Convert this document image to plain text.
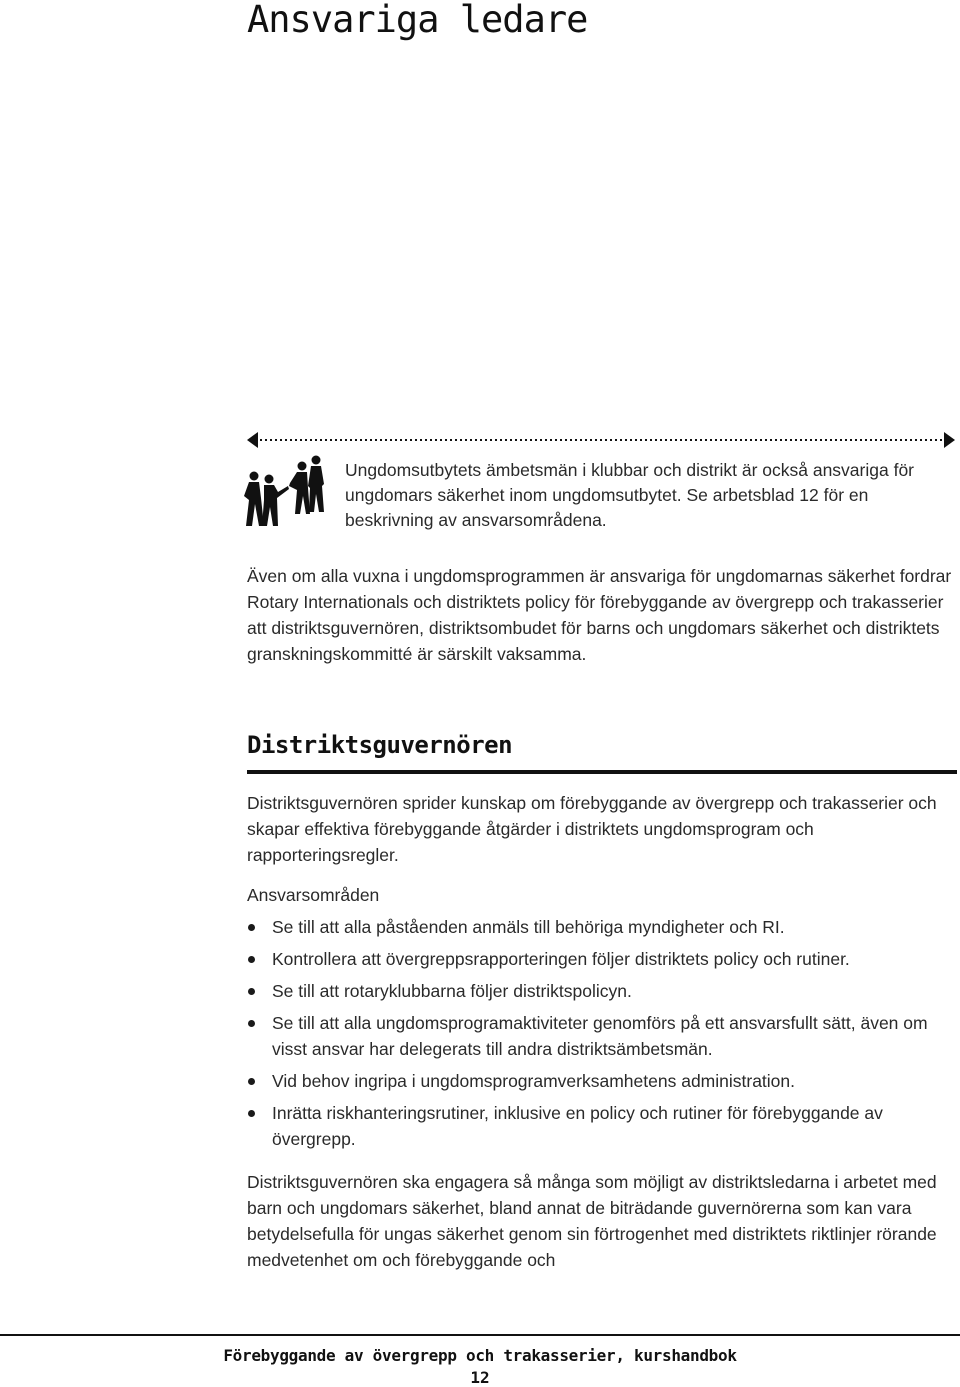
Ansvariga ledare

Ungdomsutbytets ämbetsmän i klubbar och distrikt är också ansvariga för ungdomars säkerhet inom ungdomsutbytet. Se arbetsblad 12 för en beskrivning av ansvarsområdena.

Även om alla vuxna i ungdomsprogrammen är ansvariga för ungdomarnas säkerhet fordrar Rotary Internationals och distriktets policy för förebyggande av övergrepp och trakasserier att distriktsguvernören, distriktsombudet för barns och ungdomars säkerhet och distriktets granskningskommitté är särskilt vaksamma.

Distriktsguvernören

Distriktsguvernören sprider kunskap om förebyggande av övergrepp och trakasserier och skapar effektiva förebyggande åtgärder i distriktets ungdomsprogram och rapporteringsregler.

Ansvarsområden

Se till att alla påståenden anmäls till behöriga myndigheter och RI.
Kontrollera att övergreppsrapporteringen följer distriktets policy och rutiner.
Se till att rotaryklubbarna följer distriktspolicyn.
Se till att alla ungdomsprogramaktiviteter genomförs på ett ansvarsfullt sätt, även om visst ansvar har delegerats till andra distriktsämbetsmän.
Vid behov ingripa i ungdomsprogramverksamhetens administration.
Inrätta riskhanteringsrutiner, inklusive en policy och rutiner för förebyggande av övergrepp.

Distriktsguvernören ska engagera så många som möjligt av distriktsledarna i arbetet med barn och ungdomars säkerhet, bland annat de biträdande guvernörerna som kan vara betydelsefulla för ungas säkerhet genom sin förtrogenhet med distriktets riktlinjer rörande medvetenhet om och förebyggande och

Förebyggande av övergrepp och trakasserier, kurshandbok

12
